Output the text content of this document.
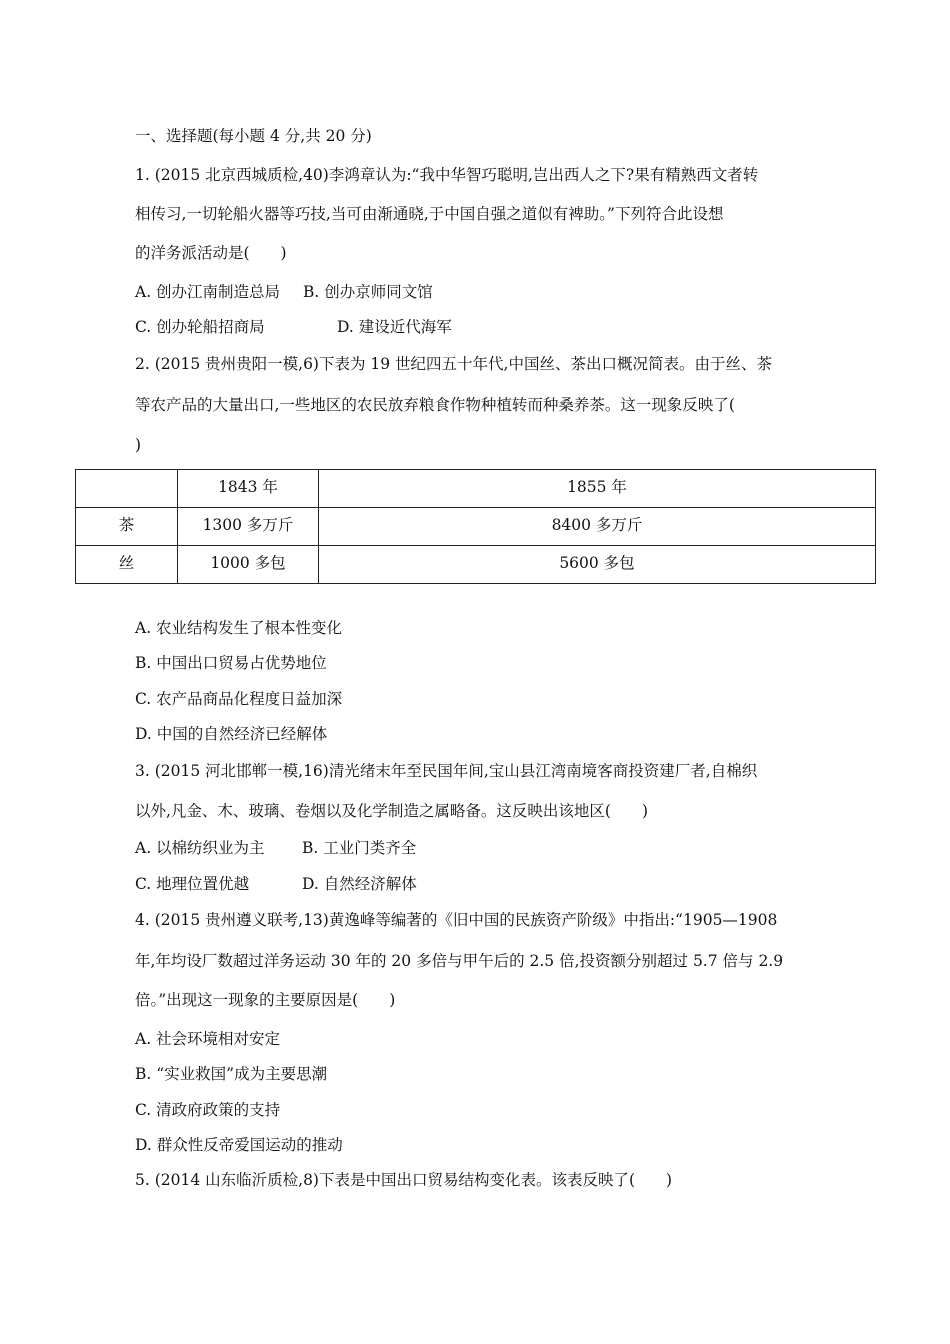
一、选择题(每小题 4 分,共 20 分)
1. (2015 北京西城质检,40)李鸿章认为:“我中华智巧聪明,岂出西人之下?果有精熟西文者转
相传习,一切轮船火器等巧技,当可由渐通晓,于中国自强之道似有裨助。”下列符合此设想
的洋务派活动是(　　)
A. 创办江南制造总局 B. 创办京师同文馆
C. 创办轮船招商局	D. 建设近代海军
2. (2015 贵州贵阳一模,6)下表为 19 世纪四五十年代,中国丝、茶出口概况简表。由于丝、茶
等农产品的大量出口,一些地区的农民放弃粮食作物种植转而种桑养茶。这一现象反映了(
)
	1843 年	1855 年
茶	1300 多万斤	8400 多万斤
丝	1000 多包	5600 多包
A. 农业结构发生了根本性变化
B. 中国出口贸易占优势地位
C. 农产品商品化程度日益加深
D. 中国的自然经济已经解体
3. (2015 河北邯郸一模,16)清光绪末年至民国年间,宝山县江湾南境客商投资建厂者,自棉织
以外,凡金、木、玻璃、卷烟以及化学制造之属略备。这反映出该地区(　　)
A. 以棉纺织业为主 B. 工业门类齐全
C. 地理位置优越	D. 自然经济解体
4. (2015 贵州遵义联考,13)黄逸峰等编著的《旧中国的民族资产阶级》中指出:“1905—1908
年,年均设厂数超过洋务运动 30 年的 20 多倍与甲午后的 2.5 倍,投资额分别超过 5.7 倍与 2.9
倍。”出现这一现象的主要原因是(　　)
A. 社会环境相对安定
B. “实业救国”成为主要思潮
C. 清政府政策的支持
D. 群众性反帝爱国运动的推动
5. (2014 山东临沂质检,8)下表是中国出口贸易结构变化表。该表反映了(　　)
